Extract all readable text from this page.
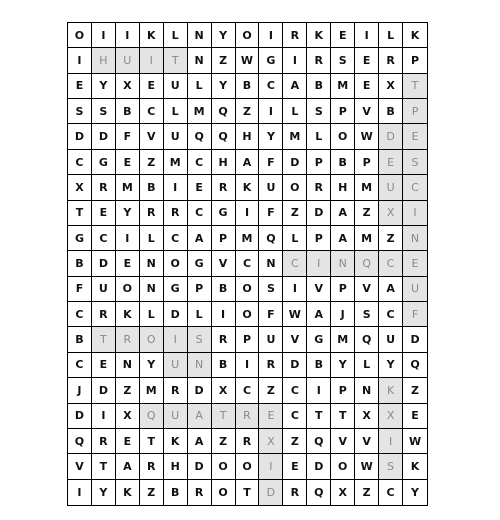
O	I	I	K	L	N	Y	O	I	R	K	E	I	L	K
I	H	U	I	T	N	Z	W	G	I	R	S	E	R	P
E	Y	X	E	U	L	Y	B	C	A	B	M	E	X	T
S	S	B	C	L	M	Q	Z	I	L	S	P	V	B	P
D	D	F	V	U	Q	Q	H	Y	M	L	O	W	D	E
C	G	E	Z	M	C	H	A	F	D	P	B	P	E	S
X	R	M	B	I	E	R	K	U	O	R	H	M	U	C
T	E	Y	R	R	C	G	I	F	Z	D	A	Z	X	I
G	C	I	L	C	A	P	M	Q	L	P	A	M	Z	N
B	D	E	N	O	G	V	C	N	C	I	N	Q	C	E
F	U	O	N	G	P	B	O	S	I	V	P	V	A	U
C	R	K	L	D	L	I	O	F	W	A	J	S	C	F
B	T	R	O	I	S	R	P	U	V	G	M	Q	U	D
C	E	N	Y	U	N	B	I	R	D	B	Y	L	Y	Q
J	D	Z	M	R	D	X	C	Z	C	I	P	N	K	Z
D	I	X	Q	U	A	T	R	E	C	T	T	X	X	E
Q	R	E	T	K	A	Z	R	X	Z	Q	V	V	I	W
V	T	A	R	H	D	O	O	I	E	D	O	W	S	K
I	Y	K	Z	B	R	O	T	D	R	Q	X	Z	C	Y
